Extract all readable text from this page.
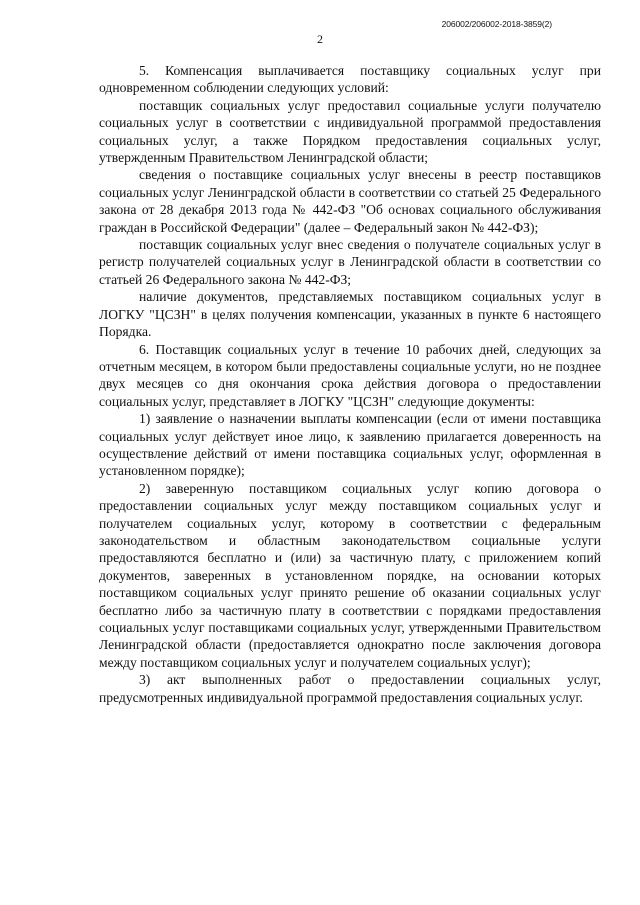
2
206002/206002-2018-3859(2)

5. Компенсация выплачивается поставщику социальных услуг при одновременном соблюдении следующих условий:

поставщик социальных услуг предоставил социальные услуги получателю социальных услуг в соответствии с индивидуальной программой предоставления социальных услуг, а также Порядком предоставления социальных услуг, утвержденным Правительством Ленинградской области;

сведения о поставщике социальных услуг внесены в реестр поставщиков социальных услуг Ленинградской области в соответствии со статьей 25 Федерального закона от 28 декабря 2013 года № 442-ФЗ "Об основах социального обслуживания граждан в Российской Федерации" (далее – Федеральный закон № 442-ФЗ);

поставщик социальных услуг внес сведения о получателе социальных услуг в регистр получателей социальных услуг в Ленинградской области в соответствии со статьей 26 Федерального закона № 442-ФЗ;

наличие документов, представляемых поставщиком социальных услуг в ЛОГКУ "ЦСЗН" в целях получения компенсации, указанных в пункте 6 настоящего Порядка.

6. Поставщик социальных услуг в течение 10 рабочих дней, следующих за отчетным месяцем, в котором были предоставлены социальные услуги, но не позднее двух месяцев со дня окончания срока действия договора о предоставлении социальных услуг, представляет в ЛОГКУ "ЦСЗН" следующие документы:

1) заявление о назначении выплаты компенсации (если от имени поставщика социальных услуг действует иное лицо, к заявлению прилагается доверенность на осуществление действий от имени поставщика социальных услуг, оформленная в установленном порядке);

2) заверенную поставщиком социальных услуг копию договора о предоставлении социальных услуг между поставщиком социальных услуг и получателем социальных услуг, которому в соответствии с федеральным законодательством и областным законодательством социальные услуги предоставляются бесплатно и (или) за частичную плату, с приложением копий документов, заверенных в установленном порядке, на основании которых поставщиком социальных услуг принято решение об оказании социальных услуг бесплатно либо за частичную плату в соответствии с порядками предоставления социальных услуг поставщиками социальных услуг, утвержденными Правительством Ленинградской области (предоставляется однократно после заключения договора между поставщиком социальных услуг и получателем социальных услуг);

3) акт выполненных работ о предоставлении социальных услуг, предусмотренных индивидуальной программой предоставления социальных услуг.
